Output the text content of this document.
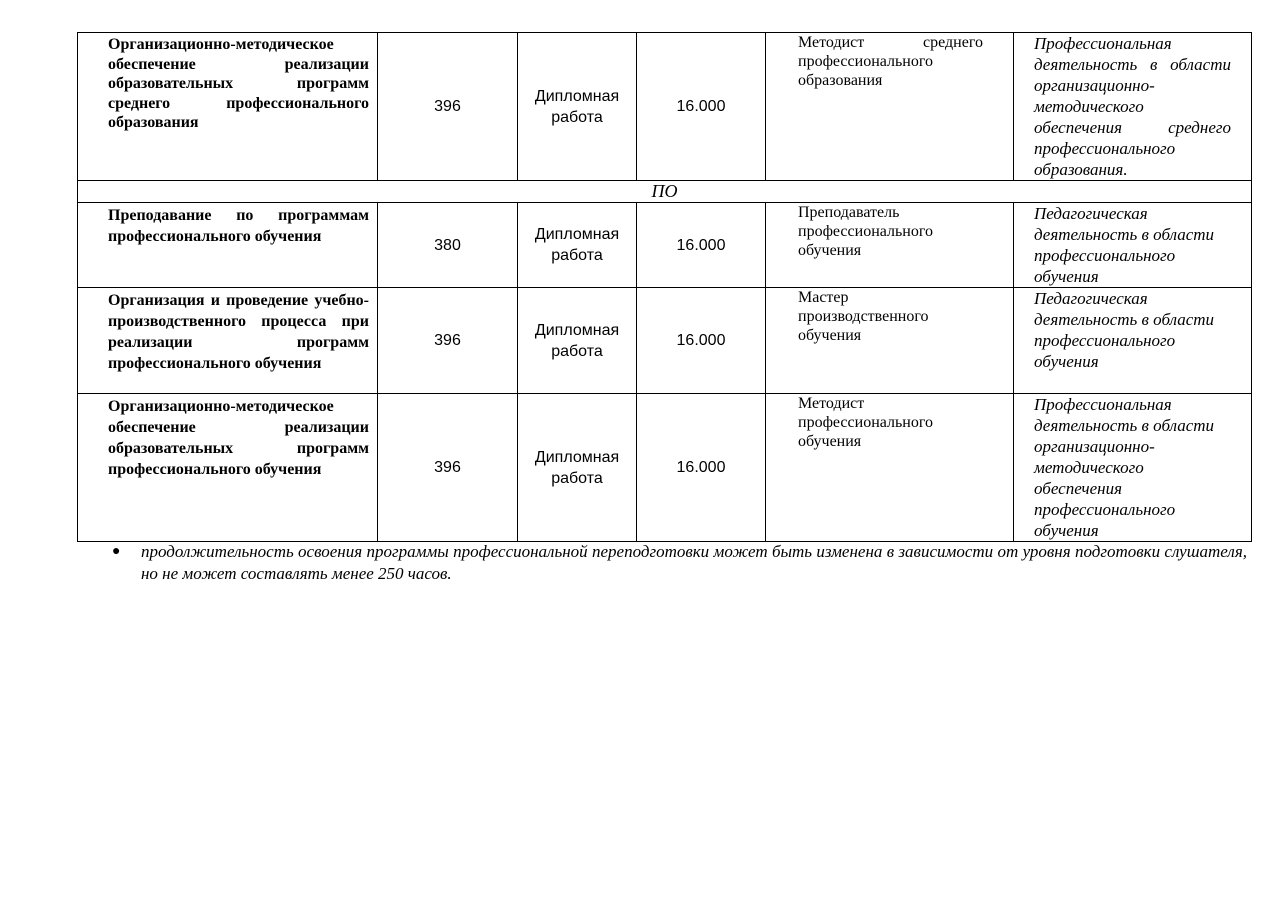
Организационно-методическое обеспечение реализации образовательных программ среднего профессионального образования	396	Дипломная работа	16.000	Методист среднего профессионального образования	Профессиональная деятельность в области организационно-методического обеспечения среднего профессионального образования.
ПО					
Преподавание по программам профессионального обучения	380	Дипломная работа	16.000	Преподаватель профессионального обучения	Педагогическая деятельность в области профессионального обучения
Организация и проведение учебно-производственного процесса при реализации программ профессионального обучения	396	Дипломная работа	16.000	Мастер производственного обучения	Педагогическая деятельность в области профессионального обучения
Организационно-методическое обеспечение реализации образовательных программ профессионального обучения	396	Дипломная работа	16.000	Методист профессионального обучения	Профессиональная деятельность в области организационно-методического обеспечения профессионального обучения
● продолжительность освоения программы профессиональной переподготовки может быть изменена в зависимости от уровня подготовки слушателя, но не может составлять менее 250 часов.
